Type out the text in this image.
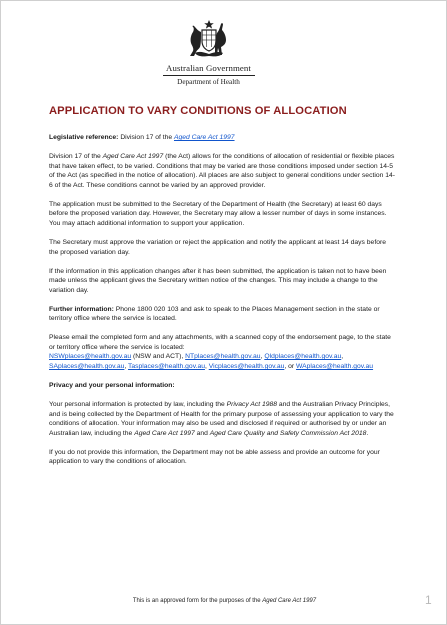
Australian Government
Department of Health
APPLICATION TO VARY CONDITIONS OF ALLOCATION

Legislative reference: Division 17 of the Aged Care Act 1997

Division 17 of the Aged Care Act 1997 (the Act) allows for the conditions of allocation of residential or flexible places that have taken effect, to be varied. Conditions that may be varied are those conditions imposed under section 14-5 of the Act (as specified in the notice of allocation). All places are also subject to general conditions under section 14-6 of the Act. These conditions cannot be varied by an approved provider.

The application must be submitted to the Secretary of the Department of Health (the Secretary) at least 60 days before the proposed variation day. However, the Secretary may allow a lesser number of days in some instances. You may attach additional information to support your application.

The Secretary must approve the variation or reject the application and notify the applicant at least 14 days before the proposed variation day.

If the information in this application changes after it has been submitted, the application is taken not to have been made unless the applicant gives the Secretary written notice of the changes. This may include a change to the variation day.

Further information: Phone 1800 020 103 and ask to speak to the Places Management section in the state or territory office where the service is located.

Please email the completed form and any attachments, with a scanned copy of the endorsement page, to the state or territory office where the service is located:
NSWplaces@health.gov.au (NSW and ACT), NTplaces@health.gov.au, Qldplaces@health.gov.au, SAplaces@health.gov.au, Tasplaces@health.gov.au, Vicplaces@health.gov.au, or WAplaces@health.gov.au

Privacy and your personal information:

Your personal information is protected by law, including the Privacy Act 1988 and the Australian Privacy Principles, and is being collected by the Department of Health for the primary purpose of assessing your application to vary the conditions of allocation. Your information may also be used and disclosed if required or authorised by or under an Australian law, including the Aged Care Act 1997 and Aged Care Quality and Safety Commission Act 2018.

If you do not provide this information, the Department may not be able assess and provide an outcome for your application to vary the conditions of allocation.

This is an approved form for the purposes of the Aged Care Act 1997	1
